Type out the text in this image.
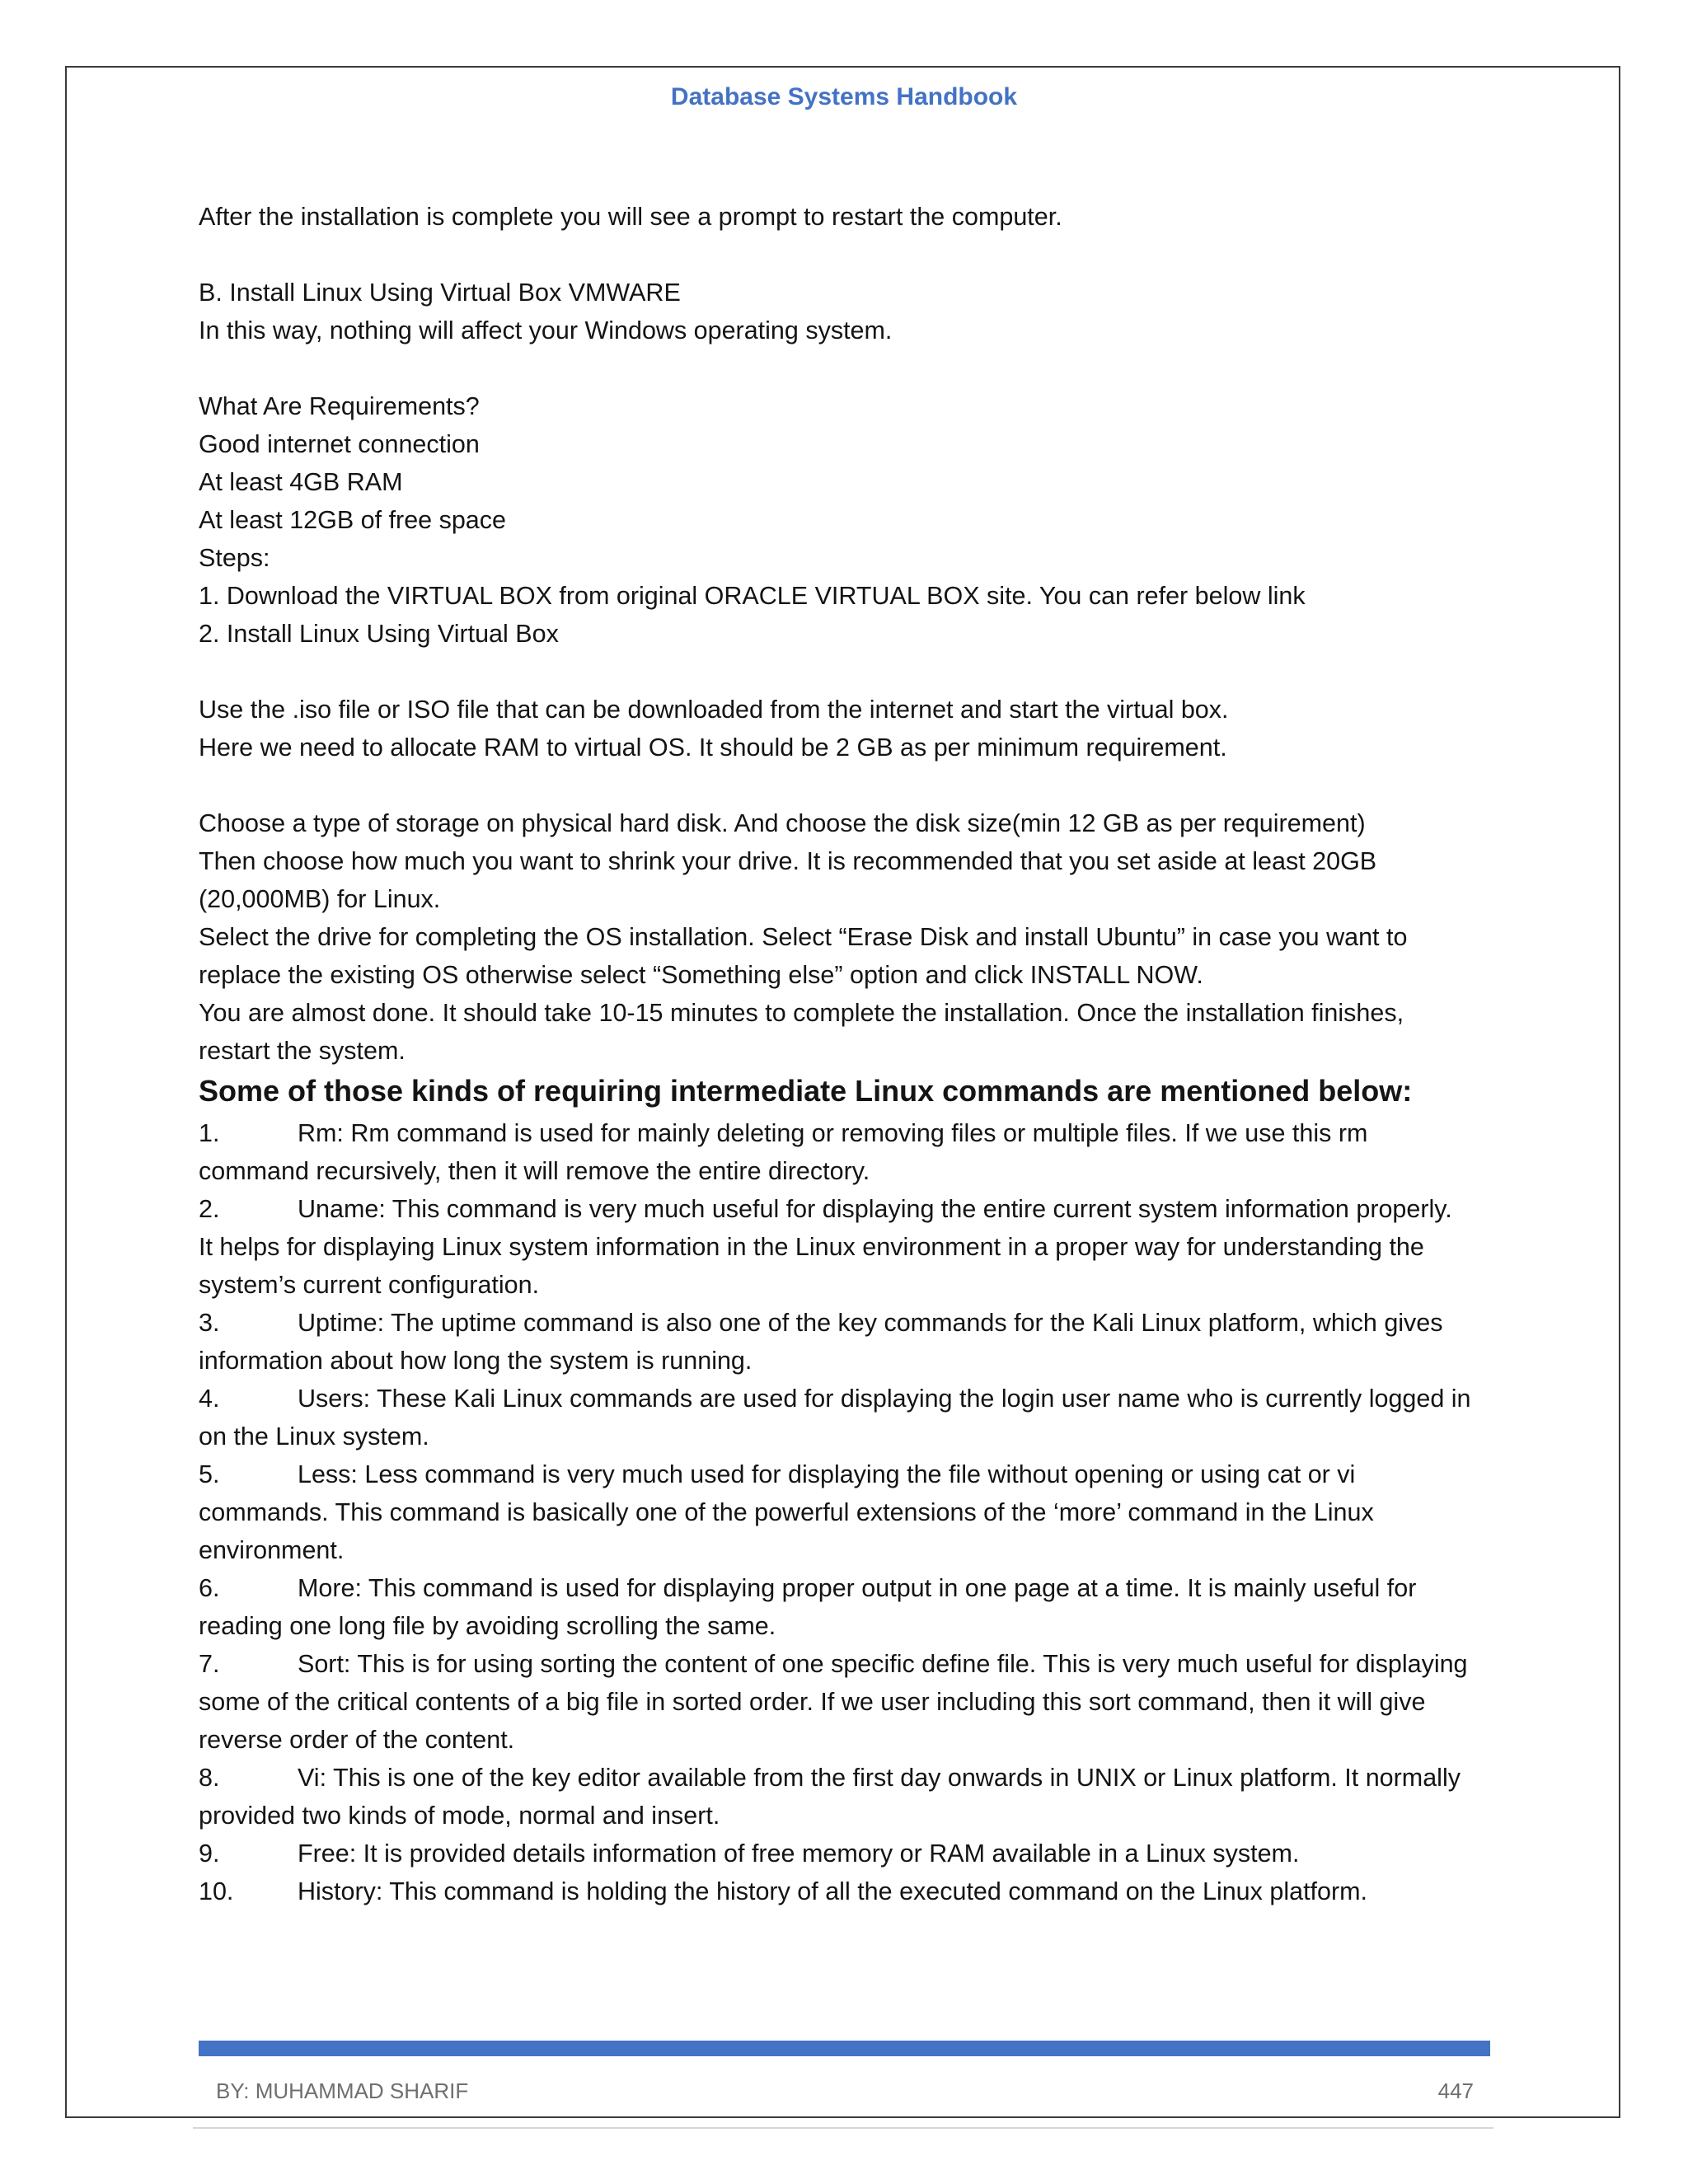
Database Systems Handbook
After the installation is complete you will see a prompt to restart the computer.
B. Install Linux Using Virtual Box VMWARE
In this way, nothing will affect your Windows operating system.
What Are Requirements?
Good internet connection
At least 4GB RAM
At least 12GB of free space
Steps:
1. Download the VIRTUAL BOX from original ORACLE VIRTUAL BOX site. You can refer below link
2. Install Linux Using Virtual Box
Use the .iso file or ISO file that can be downloaded from the internet and start the virtual box.
Here we need to allocate RAM to virtual OS. It should be 2 GB as per minimum requirement.
Choose a type of storage on physical hard disk. And choose the disk size(min 12 GB as per requirement)
Then choose how much you want to shrink your drive. It is recommended that you set aside at least 20GB
(20,000MB) for Linux.
Select the drive for completing the OS installation. Select “Erase Disk and install Ubuntu” in case you want to
replace the existing OS otherwise select “Something else” option and click INSTALL NOW.
You are almost done. It should take 10-15 minutes to complete the installation. Once the installation finishes,
restart the system.
Some of those kinds of requiring intermediate Linux commands are mentioned below:
1.	Rm: Rm command is used for mainly deleting or removing files or multiple files. If we use this rm
command recursively, then it will remove the entire directory.
2.	Uname: This command is very much useful for displaying the entire current system information properly.
It helps for displaying Linux system information in the Linux environment in a proper way for understanding the
system’s current configuration.
3.	Uptime: The uptime command is also one of the key commands for the Kali Linux platform, which gives
information about how long the system is running.
4.	Users: These Kali Linux commands are used for displaying the login user name who is currently logged in
on the Linux system.
5.	Less: Less command is very much used for displaying the file without opening or using cat or vi
commands. This command is basically one of the powerful extensions of the ‘more’ command in the Linux
environment.
6.	More: This command is used for displaying proper output in one page at a time. It is mainly useful for
reading one long file by avoiding scrolling the same.
7.	Sort: This is for using sorting the content of one specific define file. This is very much useful for displaying
some of the critical contents of a big file in sorted order. If we user including this sort command, then it will give
reverse order of the content.
8.	Vi: This is one of the key editor available from the first day onwards in UNIX or Linux platform. It normally
provided two kinds of mode, normal and insert.
9.	Free: It is provided details information of free memory or RAM available in a Linux system.
10.	History: This command is holding the history of all the executed command on the Linux platform.
BY: MUHAMMAD SHARIF	447
